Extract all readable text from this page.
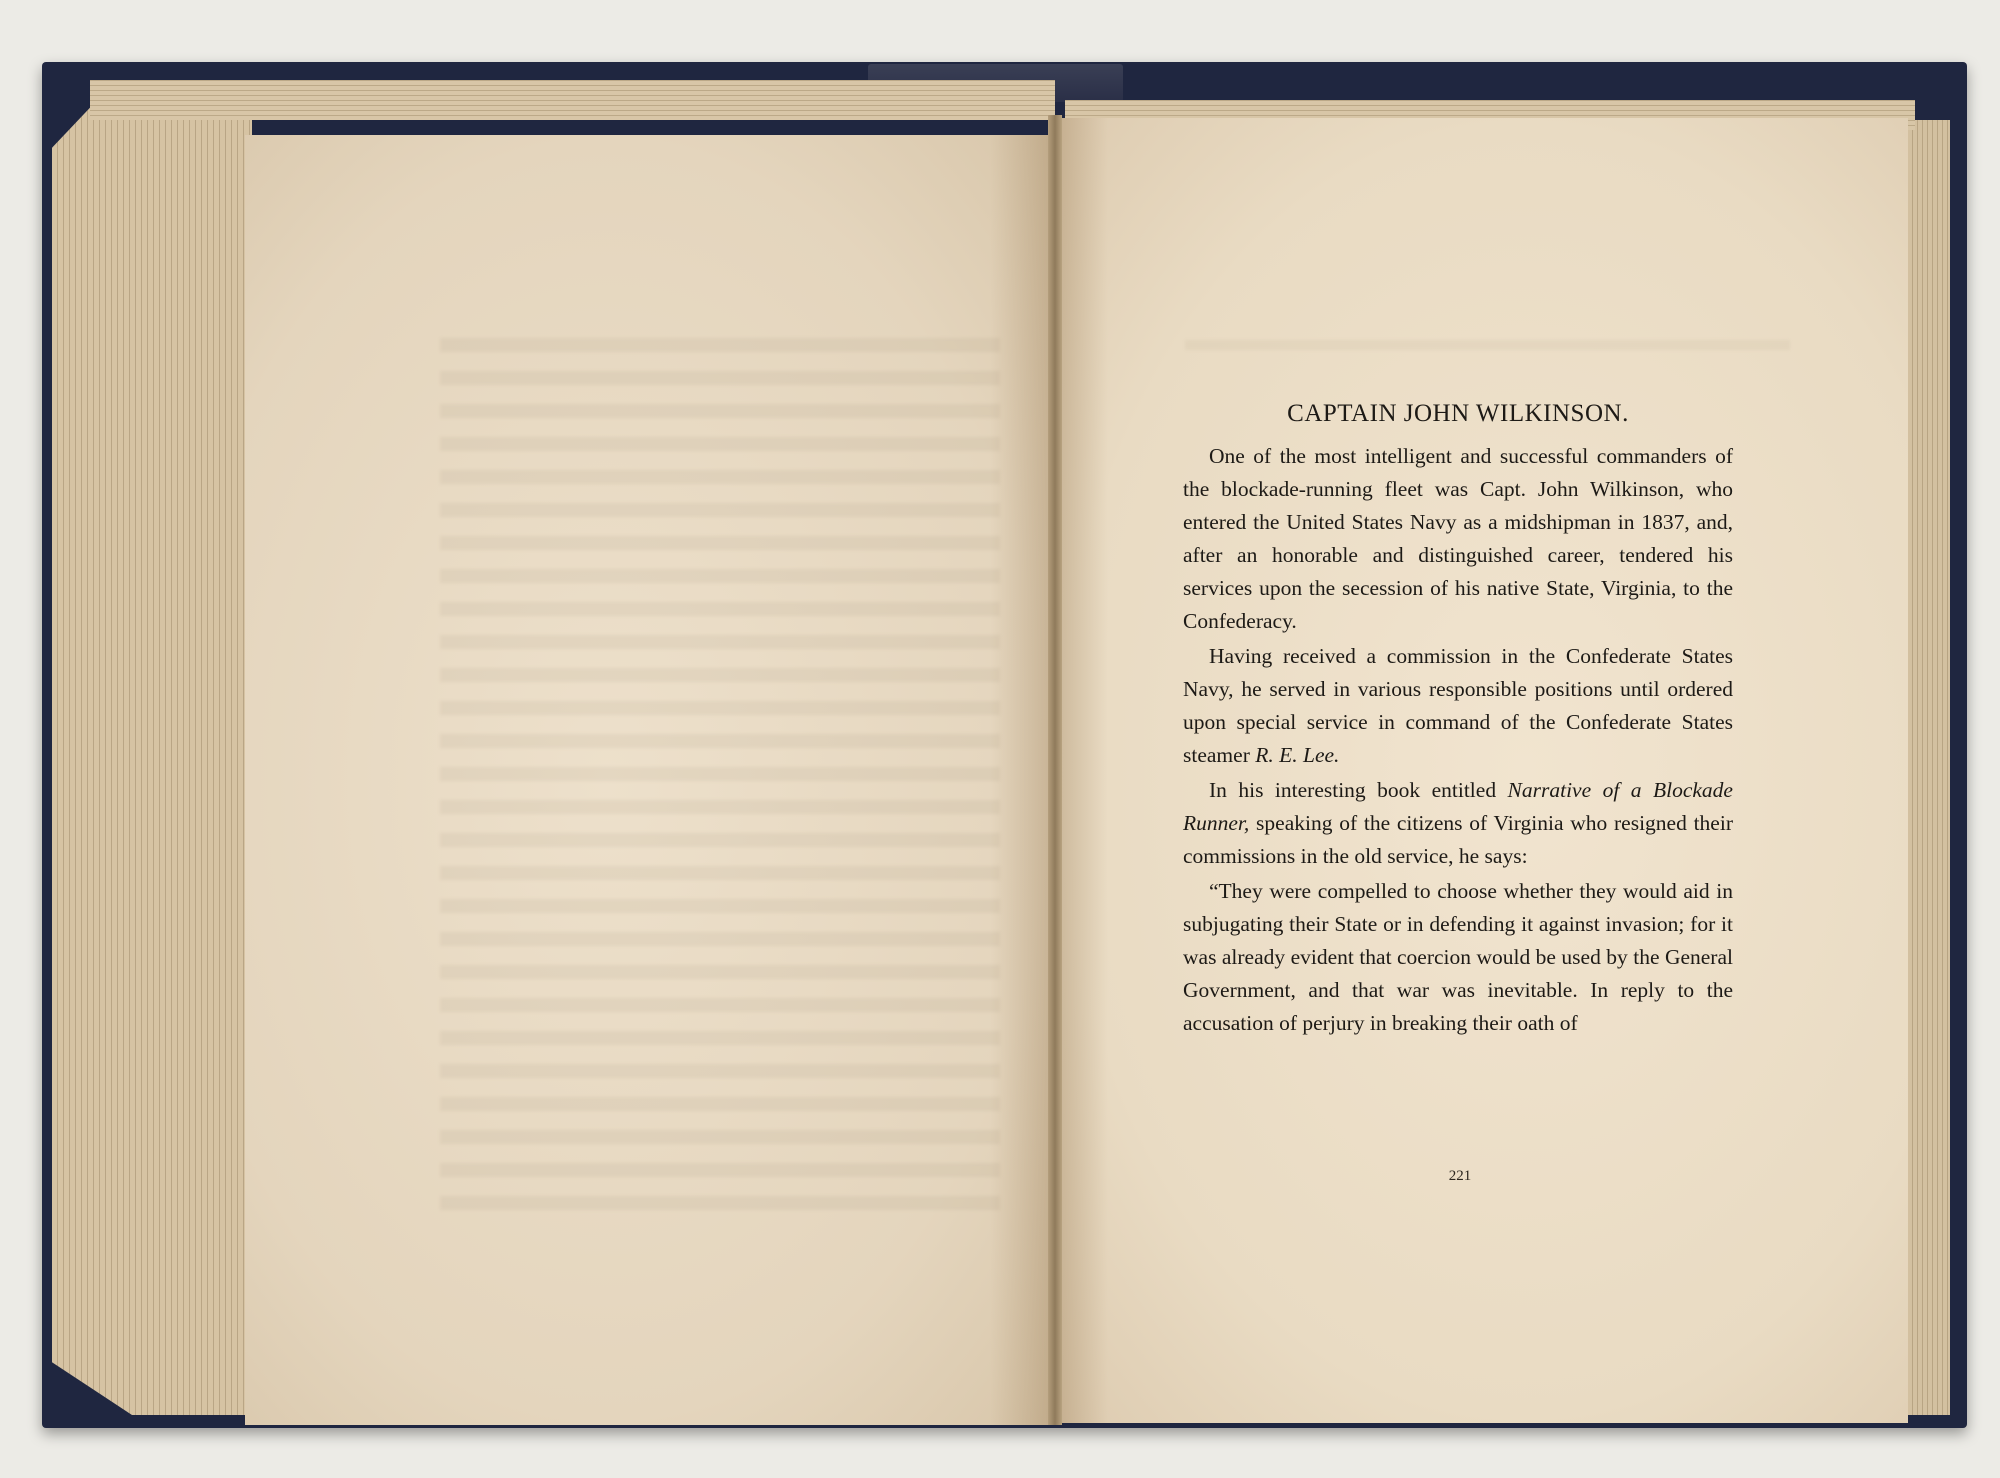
CAPTAIN JOHN WILKINSON.

One of the most intelligent and successful commanders of the blockade-running fleet was Capt. John Wilkinson, who entered the United States Navy as a midshipman in 1837, and, after an honorable and distinguished career, tendered his services upon the secession of his native State, Virginia, to the Confederacy.

Having received a commission in the Confederate States Navy, he served in various responsible positions until ordered upon special service in command of the Confederate States steamer R. E. Lee.

In his interesting book entitled Narrative of a Blockade Runner, speaking of the citizens of Virginia who resigned their commissions in the old service, he says:

“They were compelled to choose whether they would aid in subjugating their State or in defending it against invasion; for it was already evident that coercion would be used by the General Government, and that war was inevitable. In reply to the accusation of perjury in breaking their oath of

221
